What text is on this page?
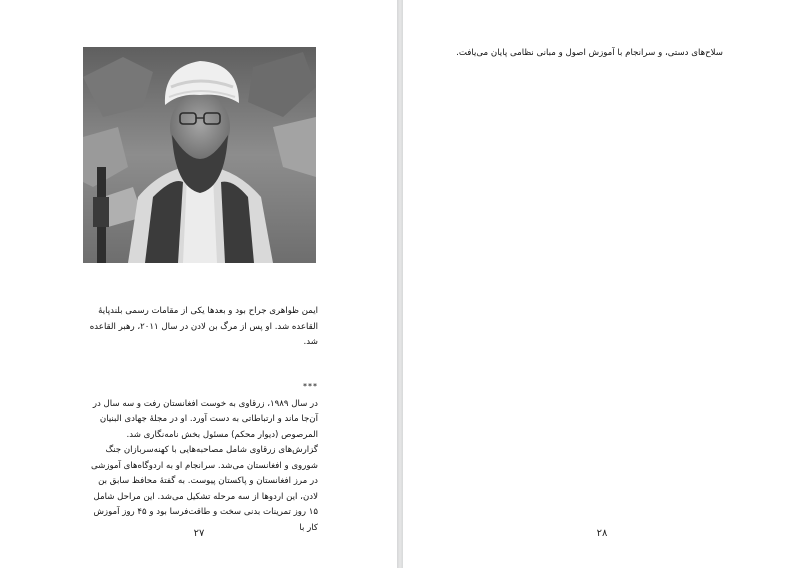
ایمن ظواهری جراح بود و بعدها یکی از مقامات رسمی بلندپایهٔ القاعده شد. او پس از مرگ بن لادن در سال ۲۰۱۱، رهبر القاعده شد.

***

در سال ۱۹۸۹، زرقاوی به خوست افغانستان رفت و سه سال در آن‌جا ماند و ارتباطاتی به دست آورد. او در مجلهٔ جهادی البنیان المرصوص (دیوار محکم) مسئول بخش نامه‌نگاری شد. گزارش‌های زرقاوی شامل مصاحبه‌هایی با کهنه‌سربازان جنگ شوروی و افغانستان می‌شد. سرانجام او به اردوگاه‌های آموزشی در مرز افغانستان و پاکستان پیوست. به گفتهٔ محافظ سابق بن لادن، این اردوها از سه مرحله تشکیل می‌شد. این مراحل شامل ۱۵ روز تمرینات بدنی سخت و طاقت‌فرسا بود و ۴۵ روز آموزش کار با

۲۷

سلاح‌های دستی، و سرانجام با آموزش اصول و مبانی نظامی پایان می‌یافت.

۲۸
